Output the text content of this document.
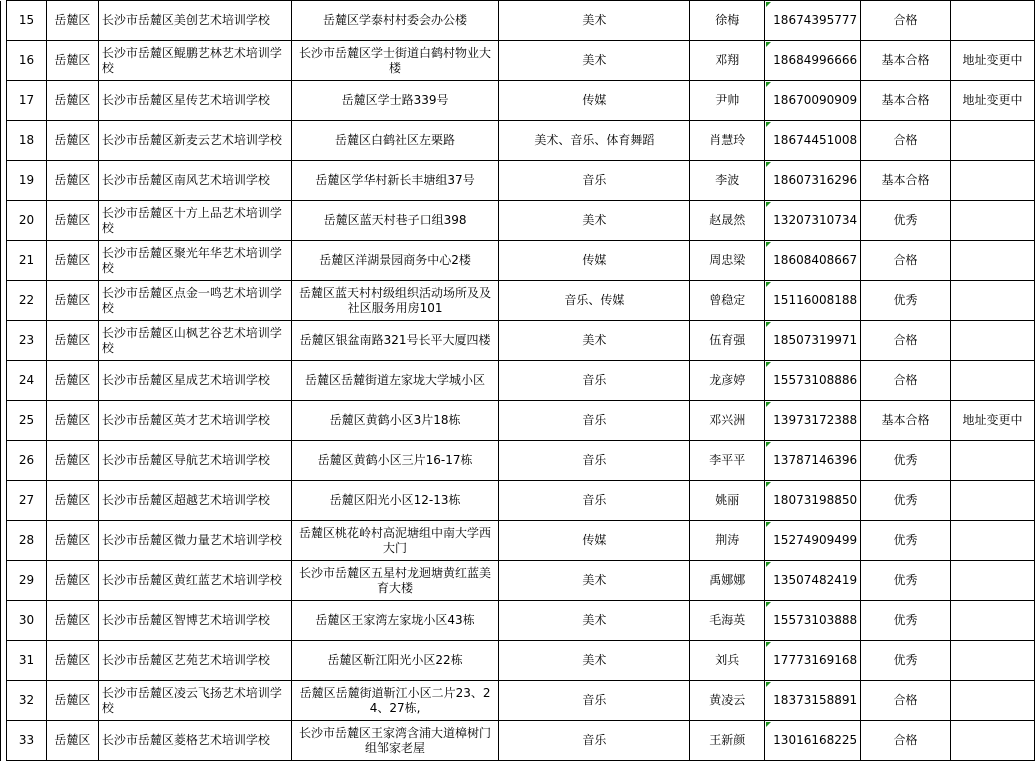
	15	岳麓区	长沙市岳麓区美创艺术培训学校	岳麓区学泰村村委会办公楼	美术	徐梅	18674395777	合格	
	16	岳麓区	长沙市岳麓区鲲鹏艺林艺术培训学校	长沙市岳麓区学士街道白鹤村物业大楼	美术	邓翔	18684996666	基本合格	地址变更中
	17	岳麓区	长沙市岳麓区星传艺术培训学校	岳麓区学士路339号	传媒	尹帅	18670090909	基本合格	地址变更中
	18	岳麓区	长沙市岳麓区新麦云艺术培训学校	岳麓区白鹤社区左栗路	美术、音乐、体育舞蹈	肖慧玲	18674451008	合格	
	19	岳麓区	长沙市岳麓区南风艺术培训学校	岳麓区学华村新长丰塘组37号	音乐	李波	18607316296	基本合格	
	20	岳麓区	长沙市岳麓区十方上品艺术培训学校	岳麓区蓝天村巷子口组398	美术	赵晟然	13207310734	优秀	
	21	岳麓区	长沙市岳麓区聚光年华艺术培训学校	岳麓区洋湖景园商务中心2楼	传媒	周忠梁	18608408667	合格	
	22	岳麓区	长沙市岳麓区点金一鸣艺术培训学校	岳麓区蓝天村村级组织活动场所及及社区服务用房101	音乐、传媒	曾稳定	15116008188	优秀	
	23	岳麓区	长沙市岳麓区山枫艺谷艺术培训学校	岳麓区银盆南路321号长平大厦四楼	美术	伍育强	18507319971	合格	
	24	岳麓区	长沙市岳麓区星成艺术培训学校	岳麓区岳麓街道左家垅大学城小区	音乐	龙彦婷	15573108886	合格	
	25	岳麓区	长沙市岳麓区英才艺术培训学校	岳麓区黄鹤小区3片18栋	音乐	邓兴洲	13973172388	基本合格	地址变更中
	26	岳麓区	长沙市岳麓区导航艺术培训学校	岳麓区黄鹤小区三片16-17栋	音乐	李平平	13787146396	优秀	
	27	岳麓区	长沙市岳麓区超越艺术培训学校	岳麓区阳光小区12-13栋	音乐	姚丽	18073198850	优秀	
	28	岳麓区	长沙市岳麓区微力量艺术培训学校	岳麓区桃花岭村高泥塘组中南大学西大门	传媒	荆涛	15274909499	优秀	
	29	岳麓区	长沙市岳麓区黄红蓝艺术培训学校	长沙市岳麓区五星村龙迴塘黄红蓝美育大楼	美术	禹娜娜	13507482419	优秀	
	30	岳麓区	长沙市岳麓区智博艺术培训学校	岳麓区王家湾左家垅小区43栋	美术	毛海英	15573103888	优秀	
	31	岳麓区	长沙市岳麓区艺苑艺术培训学校	岳麓区靳江阳光小区22栋	美术	刘兵	17773169168	优秀	
	32	岳麓区	长沙市岳麓区凌云飞扬艺术培训学校	岳麓区岳麓街道靳江小区二片23、24、27栋,	音乐	黄凌云	18373158891	合格	
	33	岳麓区	长沙市岳麓区菱格艺术培训学校	长沙市岳麓区王家湾含浦大道樟树门组邹家老屋	音乐	王新颜	13016168225	合格	
